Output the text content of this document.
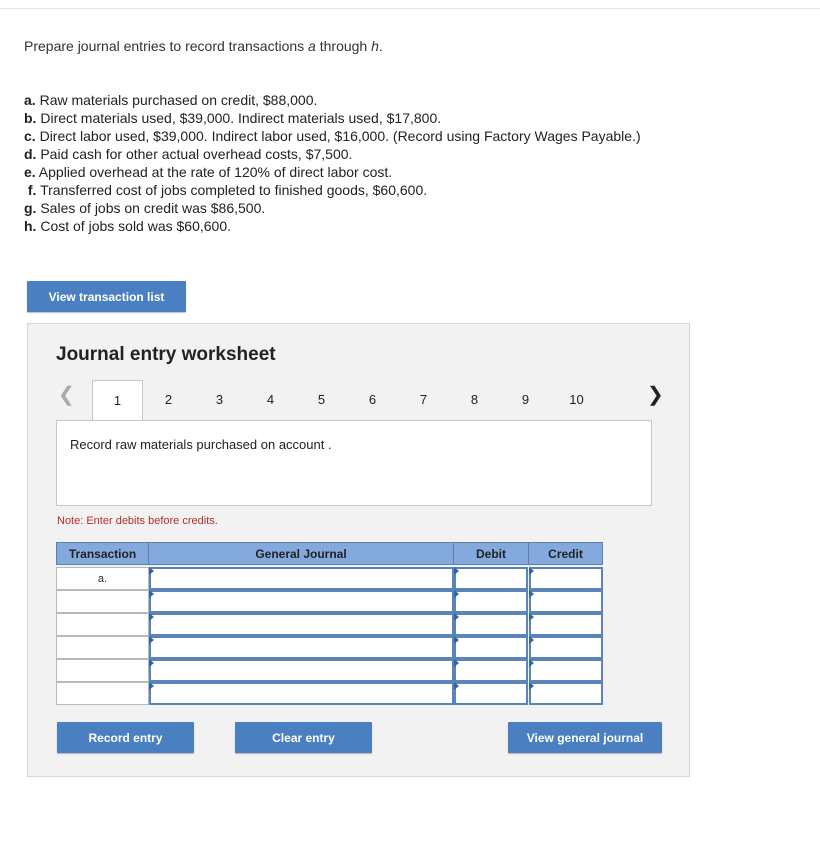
Prepare journal entries to record transactions a through h.
a. Raw materials purchased on credit, $88,000.
b. Direct materials used, $39,000. Indirect materials used, $17,800.
c. Direct labor used, $39,000. Indirect labor used, $16,000. (Record using Factory Wages Payable.)
d. Paid cash for other actual overhead costs, $7,500.
e. Applied overhead at the rate of 120% of direct labor cost.
f. Transferred cost of jobs completed to finished goods, $60,600.
g. Sales of jobs on credit was $86,500.
h. Cost of jobs sold was $60,600.
View transaction list
Journal entry worksheet
❮	❯
1	2	3	4	5	6	7	8	9	10
Record raw materials purchased on account .
Note: Enter debits before credits.
Transaction	General Journal	Debit	Credit
a.
Record entry	Clear entry	View general journal
